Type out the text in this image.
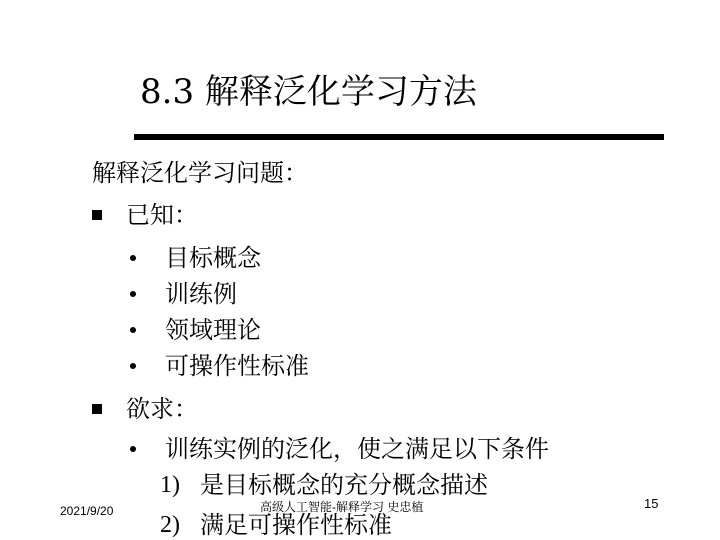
8.3 解释泛化学习方法
解释泛化学习问题：
已知：
目标概念
训练例
领域理论
可操作性标准
欲求：
训练实例的泛化，使之满足以下条件
1) 是目标概念的充分概念描述
2) 满足可操作性标准
2021/9/20	高级人工智能-解释学习 史忠植	15
